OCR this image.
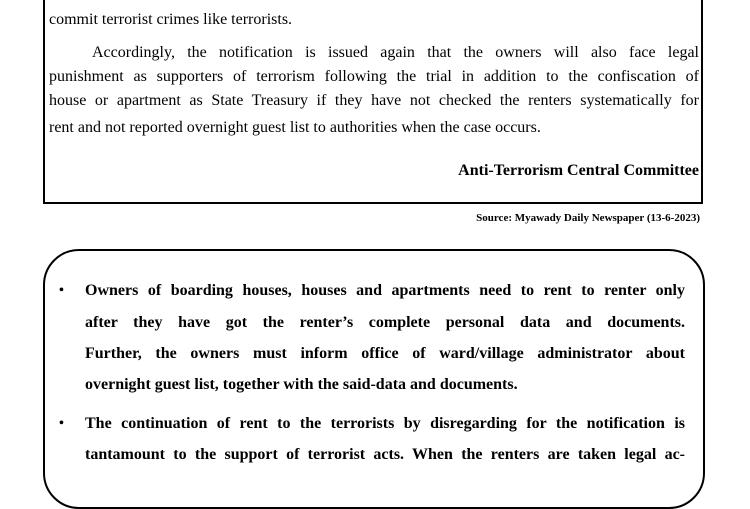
commit terrorist crimes like terrorists.
Accordingly, the notification is issued again that the owners will also face legal
punishment as supporters of terrorism following the trial in addition to the confiscation of
house or apartment as State Treasury if they have not checked the renters systematically for
rent and not reported overnight guest list to authorities when the case occurs.
Anti-Terrorism Central Committee
Source: Myawady Daily Newspaper (13-6-2023)
• Owners of boarding houses, houses and apartments need to rent to renter only
after they have got the renter’s complete personal data and documents.
Further, the owners must inform office of ward/village administrator about
overnight guest list, together with the said-data and documents.
• The continuation of rent to the terrorists by disregarding for the notification is
tantamount to the support of terrorist acts. When the renters are taken legal ac-
